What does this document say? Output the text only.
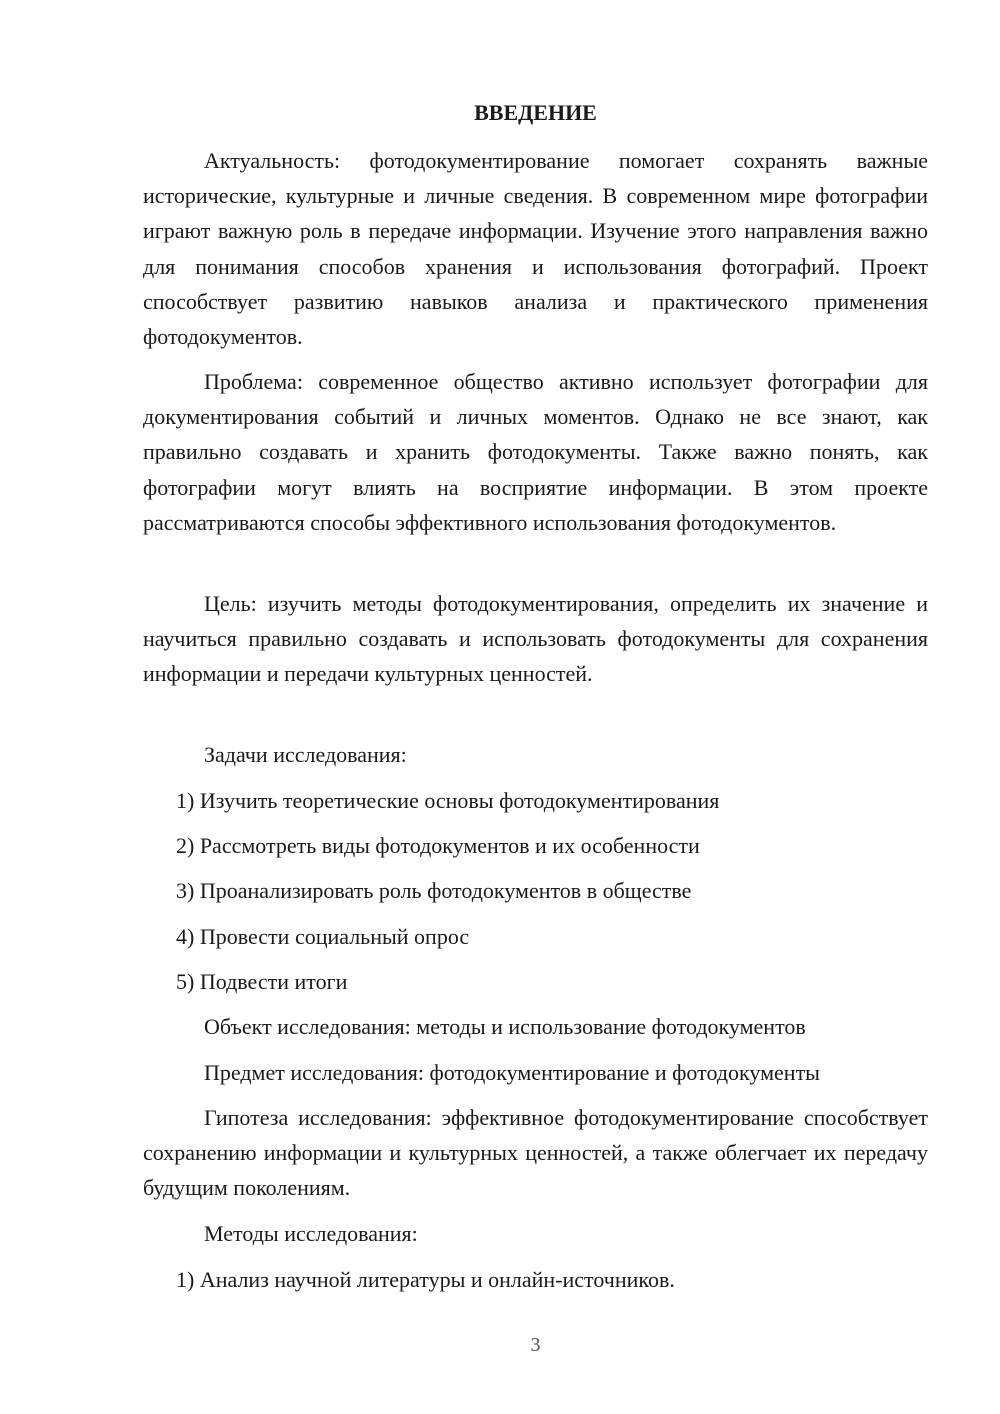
ВВЕДЕНИЕ

Актуальность: фотодокументирование помогает сохранять важные исторические, культурные и личные сведения. В современном мире фотографии играют важную роль в передаче информации. Изучение этого направления важно для понимания способов хранения и использования фотографий. Проект способствует развитию навыков анализа и практического применения фотодокументов.

Проблема: современное общество активно использует фотографии для документирования событий и личных моментов. Однако не все знают, как правильно создавать и хранить фотодокументы. Также важно понять, как фотографии могут влиять на восприятие информации. В этом проекте рассматриваются способы эффективного использования фотодокументов.

Цель: изучить методы фотодокументирования, определить их значение и научиться правильно создавать и использовать фотодокументы для сохранения информации и передачи культурных ценностей.

Задачи исследования:

1) Изучить теоретические основы фотодокументирования

2) Рассмотреть виды фотодокументов и их особенности

3) Проанализировать роль фотодокументов в обществе

4) Провести социальный опрос

5) Подвести итоги

Объект исследования: методы и использование фотодокументов

Предмет исследования: фотодокументирование и фотодокументы

Гипотеза исследования: эффективное фотодокументирование способствует сохранению информации и культурных ценностей, а также облегчает их передачу будущим поколениям.

Методы исследования:

1) Анализ научной литературы и онлайн-источников.

3
